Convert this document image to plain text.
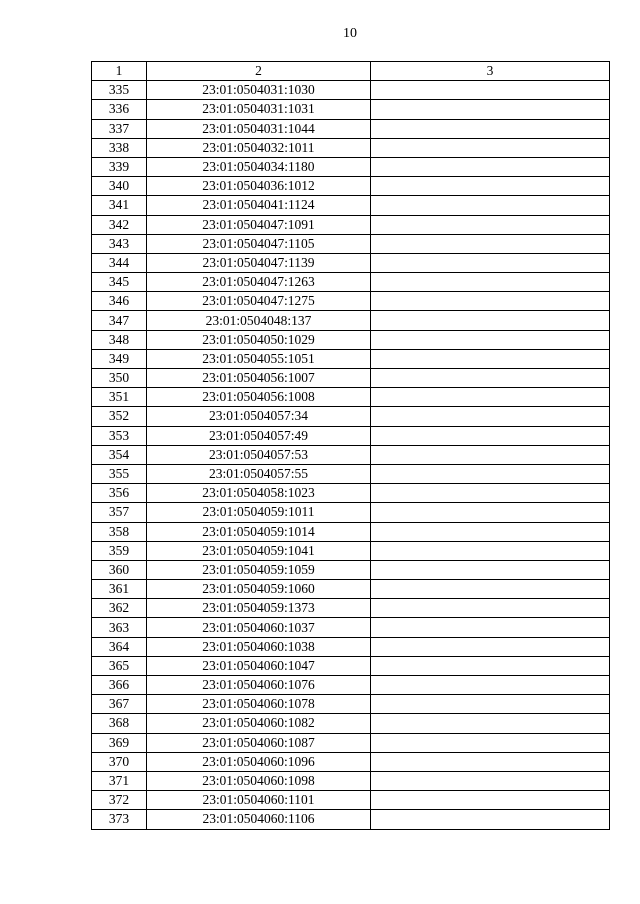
10
1	2	3
335	23:01:0504031:1030	
336	23:01:0504031:1031	
337	23:01:0504031:1044	
338	23:01:0504032:1011	
339	23:01:0504034:1180	
340	23:01:0504036:1012	
341	23:01:0504041:1124	
342	23:01:0504047:1091	
343	23:01:0504047:1105	
344	23:01:0504047:1139	
345	23:01:0504047:1263	
346	23:01:0504047:1275	
347	23:01:0504048:137	
348	23:01:0504050:1029	
349	23:01:0504055:1051	
350	23:01:0504056:1007	
351	23:01:0504056:1008	
352	23:01:0504057:34	
353	23:01:0504057:49	
354	23:01:0504057:53	
355	23:01:0504057:55	
356	23:01:0504058:1023	
357	23:01:0504059:1011	
358	23:01:0504059:1014	
359	23:01:0504059:1041	
360	23:01:0504059:1059	
361	23:01:0504059:1060	
362	23:01:0504059:1373	
363	23:01:0504060:1037	
364	23:01:0504060:1038	
365	23:01:0504060:1047	
366	23:01:0504060:1076	
367	23:01:0504060:1078	
368	23:01:0504060:1082	
369	23:01:0504060:1087	
370	23:01:0504060:1096	
371	23:01:0504060:1098	
372	23:01:0504060:1101	
373	23:01:0504060:1106	
